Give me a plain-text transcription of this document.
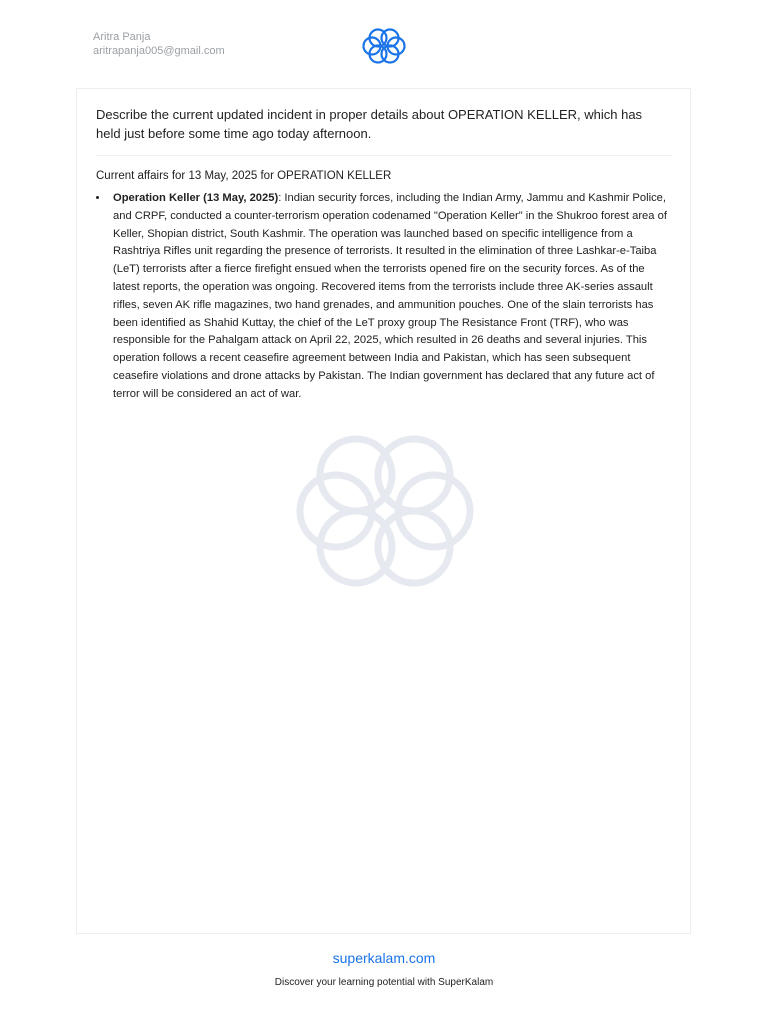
Aritra Panja
aritrapanja005@gmail.com
Describe the current updated incident in proper details about OPERATION KELLER, which has held just before some time ago today afternoon.
Current affairs for 13 May, 2025 for OPERATION KELLER
• Operation Keller (13 May, 2025): Indian security forces, including the Indian Army, Jammu and Kashmir Police, and CRPF, conducted a counter-terrorism operation codenamed "Operation Keller" in the Shukroo forest area of Keller, Shopian district, South Kashmir. The operation was launched based on specific intelligence from a Rashtriya Rifles unit regarding the presence of terrorists. It resulted in the elimination of three Lashkar-e-Taiba (LeT) terrorists after a fierce firefight ensued when the terrorists opened fire on the security forces. As of the latest reports, the operation was ongoing. Recovered items from the terrorists include three AK-series assault rifles, seven AK rifle magazines, two hand grenades, and ammunition pouches. One of the slain terrorists has been identified as Shahid Kuttay, the chief of the LeT proxy group The Resistance Front (TRF), who was responsible for the Pahalgam attack on April 22, 2025, which resulted in 26 deaths and several injuries. This operation follows a recent ceasefire agreement between India and Pakistan, which has seen subsequent ceasefire violations and drone attacks by Pakistan. The Indian government has declared that any future act of terror will be considered an act of war.
superkalam.com
Discover your learning potential with SuperKalam
